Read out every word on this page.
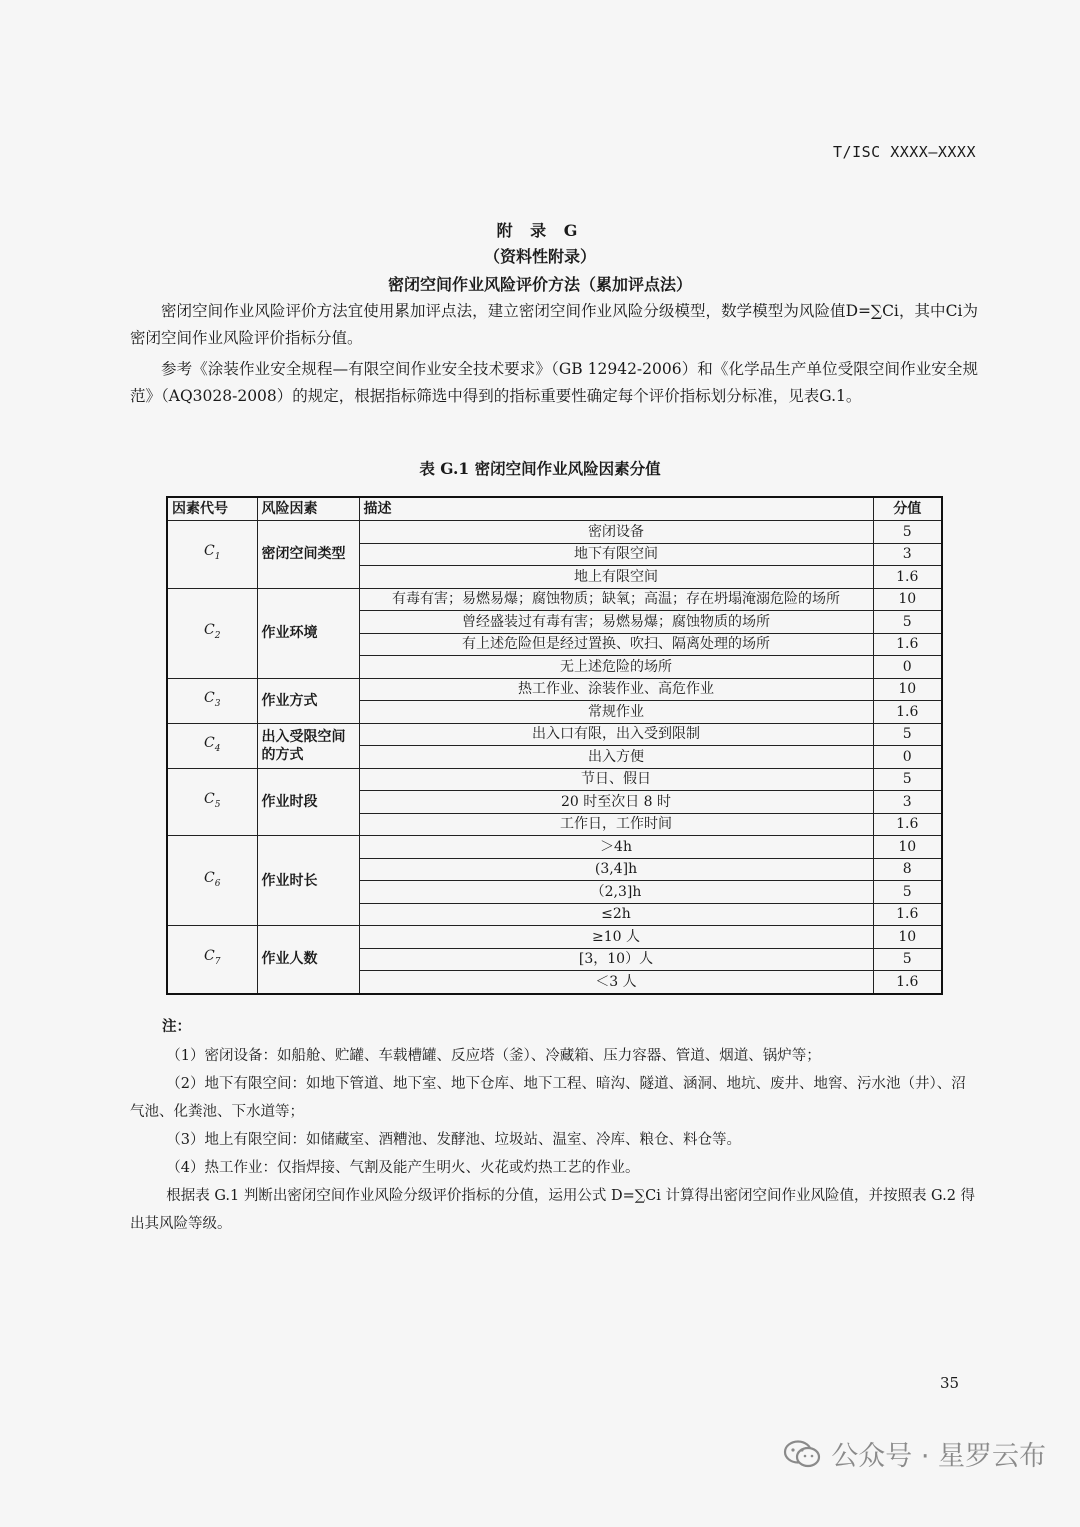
T/ISC XXXX—XXXX
附 录 G
（资料性附录）
密闭空间作业风险评价方法（累加评点法）
密闭空间作业风险评价方法宜使用累加评点法，建立密闭空间作业风险分级模型，数学模型为风险值D=∑Ci，其中Ci为密闭空间作业风险评价指标分值。
参考《涂装作业安全规程—有限空间作业安全技术要求》（GB 12942-2006）和《化学品生产单位受限空间作业安全规范》（AQ3028-2008）的规定，根据指标筛选中得到的指标重要性确定每个评价指标划分标准，见表G.1。
表 G.1 密闭空间作业风险因素分值
因素代号	风险因素	描述	分值
$C_1$	密闭空间类型	密闭设备	5
		地下有限空间	3
		地上有限空间	1.6
$C_2$	作业环境	有毒有害；易燃易爆；腐蚀物质；缺氧；高温；存在坍塌淹溺危险的场所	10
		曾经盛装过有毒有害；易燃易爆；腐蚀物质的场所	5
		有上述危险但是经过置换、吹扫、隔离处理的场所	1.6
		无上述危险的场所	0
$C_3$	作业方式	热工作业、涂装作业、高危作业	10
		常规作业	1.6
$C_4$	出入受限空间的方式	出入口有限，出入受到限制	5
		出入方便	0
$C_5$	作业时段	节日、假日	5
		20 时至次日 8 时	3
		工作日，工作时间	1.6
$C_6$	作业时长	＞4h	10
		(3,4]h	8
		（2,3]h	5
		≤2h	1.6
$C_7$	作业人数	≥10 人	10
		[3，10）人	5
		＜3 人	1.6
注：
（1）密闭设备：如船舱、贮罐、车载槽罐、反应塔（釜）、冷藏箱、压力容器、管道、烟道、锅炉等；
（2）地下有限空间：如地下管道、地下室、地下仓库、地下工程、暗沟、隧道、涵洞、地坑、废井、地窖、污水池（井）、沼气池、化粪池、下水道等；
（3）地上有限空间：如储藏室、酒糟池、发酵池、垃圾站、温室、冷库、粮仓、料仓等。
（4）热工作业：仅指焊接、气割及能产生明火、火花或灼热工艺的作业。
根据表 G.1 判断出密闭空间作业风险分级评价指标的分值，运用公式 D=∑Ci 计算得出密闭空间作业风险值，并按照表 G.2 得出其风险等级。
35
公众号 · 星罗云布
